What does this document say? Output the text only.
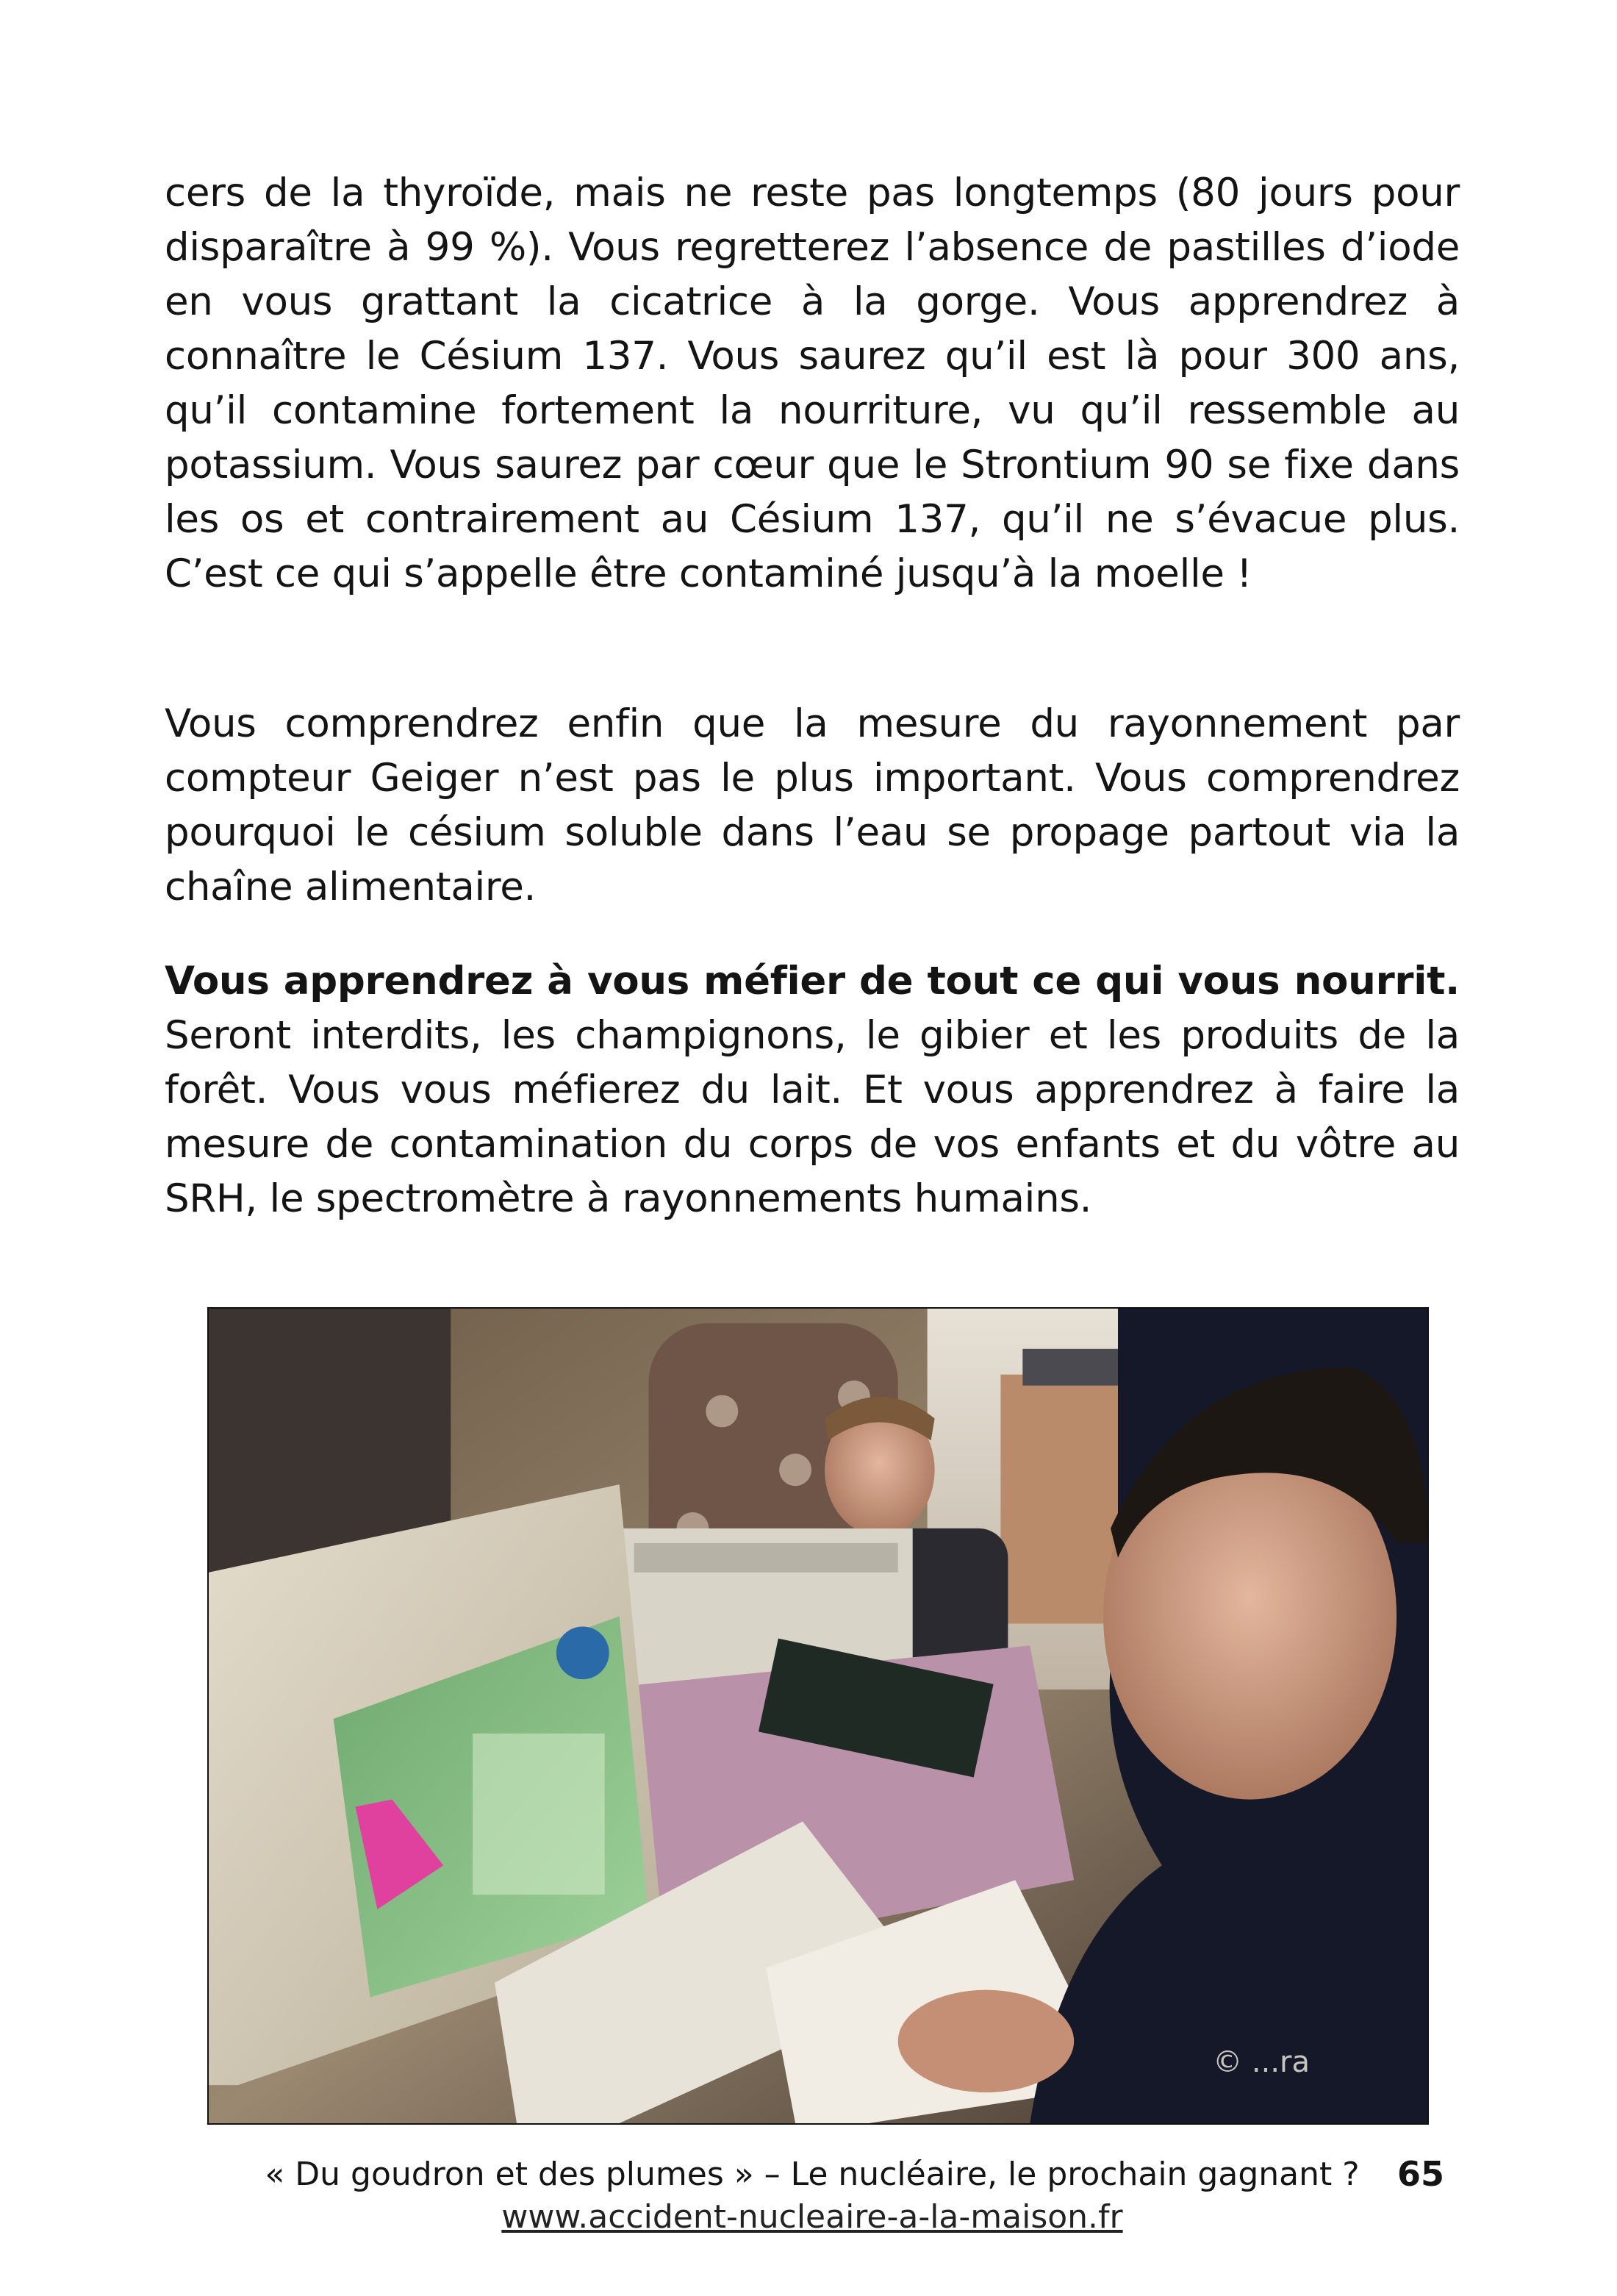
cers de la thyroïde, mais ne reste pas longtemps (80 jours pour disparaître à 99 %). Vous regretterez l’absence de pastilles d’iode en vous grattant la cicatrice à la gorge. Vous apprendrez à connaître le Césium 137. Vous saurez qu’il est là pour 300 ans, qu’il contamine fortement la nourriture, vu qu’il ressemble au potassium. Vous saurez par cœur que le Strontium 90 se fixe dans les os et contrairement au Césium 137, qu’il ne s’évacue plus. C’est ce qui s’appelle être contaminé jusqu’à la moelle !
Vous comprendrez enfin que la mesure du rayonnement par compteur Geiger n’est pas le plus important. Vous comprendrez pourquoi le césium soluble dans l’eau se propage partout via la chaîne alimentaire.
Vous apprendrez à vous méfier de tout ce qui vous nourrit. Seront interdits, les champignons, le gibier et les produits de la forêt. Vous vous méfierez du lait. Et vous apprendrez à faire la mesure de contamination du corps de vos enfants et du vôtre au SRH, le spectromètre à rayonnements humains.
© ...ra
« Du goudron et des plumes » – Le nucléaire, le prochain gagnant ?	65
www.accident-nucleaire-a-la-maison.fr
